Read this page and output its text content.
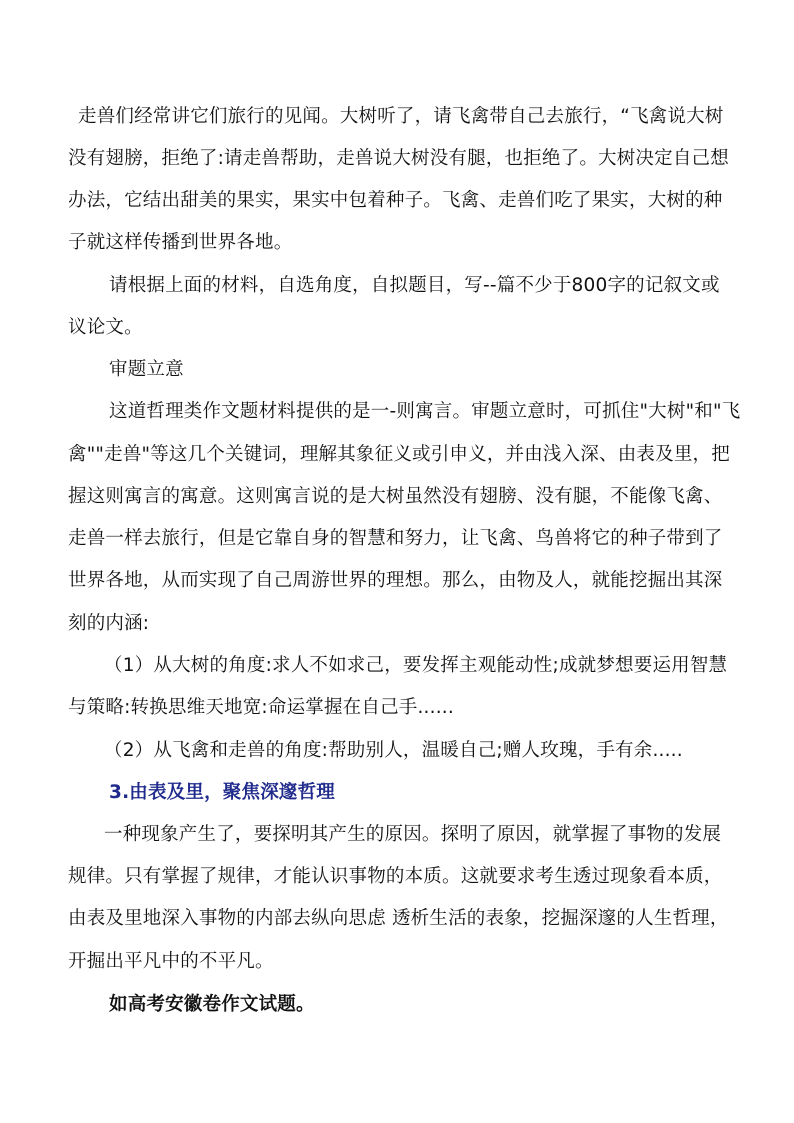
走兽们经常讲它们旅行的见闻。大树听了，请飞禽带自己去旅行，“飞禽说大树
没有翅膀，拒绝了:请走兽帮助，走兽说大树没有腿，也拒绝了。大树决定自己想
办法，它结出甜美的果实，果实中包着种子。飞禽、走兽们吃了果实，大树的种
子就这样传播到世界各地。
请根据上面的材料，自选角度，自拟题目，写--篇不少于800字的记叙文或
议论文。
审题立意
这道哲理类作文题材料提供的是一-则寓言。审题立意时，可抓住"大树"和"飞
禽""走兽"等这几个关键词，理解其象征义或引申义，并由浅入深、由表及里，把
握这则寓言的寓意。这则寓言说的是大树虽然没有翅膀、没有腿，不能像飞禽、
走兽一样去旅行，但是它靠自身的智慧和努力，让飞禽、鸟兽将它的种子带到了
世界各地，从而实现了自己周游世界的理想。那么，由物及人，就能挖掘出其深
刻的内涵:
（1）从大树的角度:求人不如求己，要发挥主观能动性;成就梦想要运用智慧
与策略:转换思维天地宽:命运掌握在自己手......
（2）从飞禽和走兽的角度:帮助别人，温暖自己;赠人玫瑰，手有余.....
3.由表及里，聚焦深邃哲理
一种现象产生了，要探明其产生的原因。探明了原因，就掌握了事物的发展
规律。只有掌握了规律，才能认识事物的本质。这就要求考生透过现象看本质，
由表及里地深入事物的内部去纵向思虑 透析生活的表象，挖掘深邃的人生哲理，
开掘出平凡中的不平凡。
如高考安徽卷作文试题。
